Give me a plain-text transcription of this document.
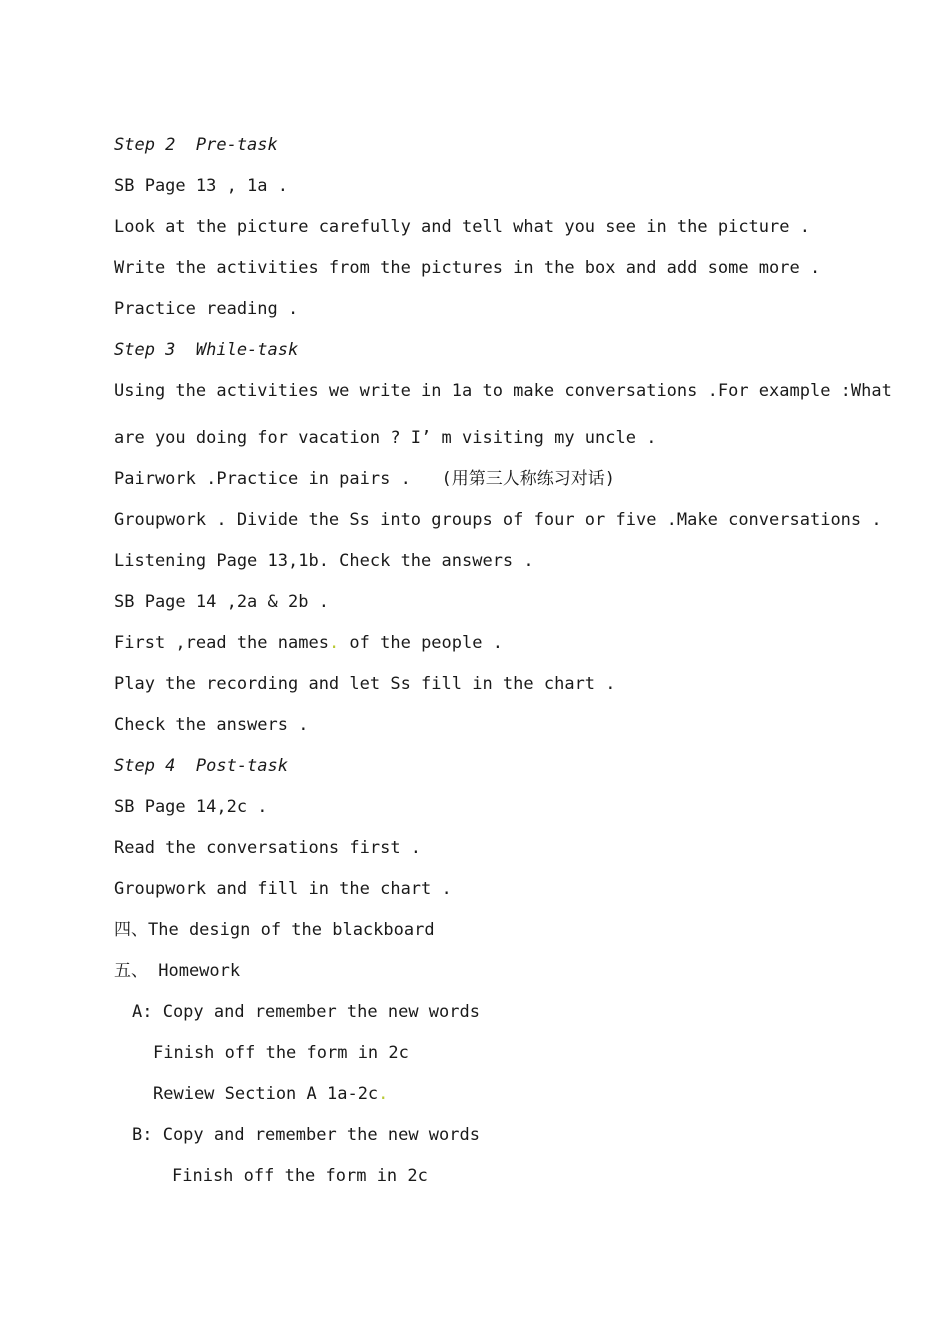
Step 2  Pre-task

SB Page 13 , 1a .

Look at the picture carefully and tell what you see in the picture .

Write the activities from the pictures in the box and add some more .

Practice reading .

Step 3  While-task

Using the activities we write in 1a to make conversations .For example :What

are you doing for vacation ? I’ m visiting my uncle .

Pairwork .Practice in pairs .   (用第三人称练习对话)

Groupwork . Divide the Ss into groups of four or five .Make conversations .

Listening Page 13,1b. Check the answers .

SB Page 14 ,2a & 2b .

First ,read the names. of the people .

Play the recording and let Ss fill in the chart .

Check the answers .

Step 4  Post-task

SB Page 14,2c .

Read the conversations first .

Groupwork and fill in the chart .

四、The design of the blackboard

五、 Homework

A: Copy and remember the new words

Finish off the form in 2c

Rewiew Section A 1a-2c.

B: Copy and remember the new words

Finish off the form in 2c
